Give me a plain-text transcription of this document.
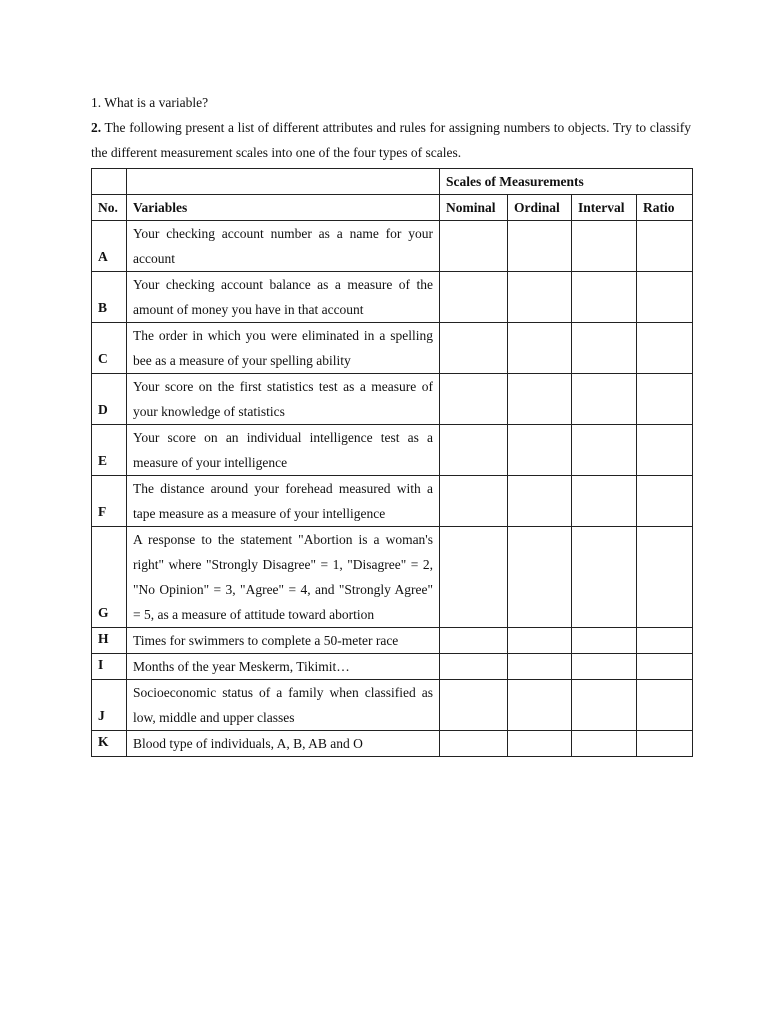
1. What is a variable?

2. The following present a list of different attributes and rules for assigning numbers to objects. Try to classify the different measurement scales into one of the four types of scales.

		Scales of Measurements			
No.	Variables	Nominal	Ordinal	Interval	Ratio
A	Your checking account number as a name for your account				
B	Your checking account balance as a measure of the amount of money you have in that account				
C	The order in which you were eliminated in a spelling bee as a measure of your spelling ability				
D	Your score on the first statistics test as a measure of your knowledge of statistics				
E	Your score on an individual intelligence test as a measure of your intelligence				
F	The distance around your forehead measured with a tape measure as a measure of your intelligence				
G	A response to the statement "Abortion is a woman's right" where "Strongly Disagree" = 1, "Disagree" = 2, "No Opinion" = 3, "Agree" = 4, and "Strongly Agree" = 5, as a measure of attitude toward abortion				
H	Times for swimmers to complete a 50-meter race				
I	Months of the year Meskerm, Tikimit…				
J	Socioeconomic status of a family when classified as low, middle and upper classes				
K	Blood type of individuals, A, B, AB and O				
